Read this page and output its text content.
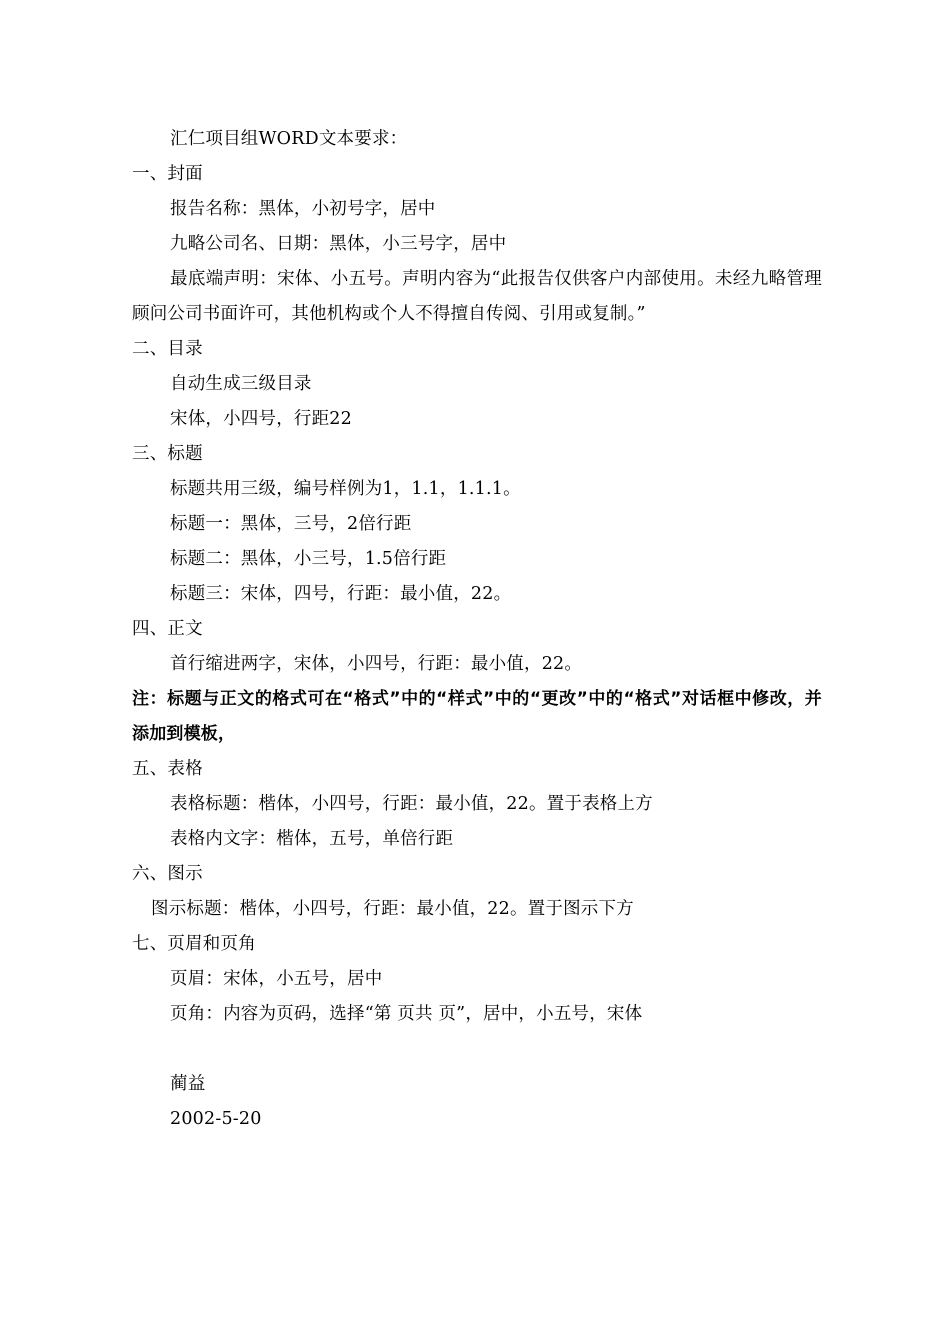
汇仁项目组WORD文本要求：
一、封面
报告名称：黑体，小初号字，居中
九略公司名、日期：黑体，小三号字，居中
最底端声明：宋体、小五号。声明内容为“此报告仅供客户内部使用。未经九略管理顾问公司书面许可，其他机构或个人不得擅自传阅、引用或复制。”
二、目录
自动生成三级目录
宋体，小四号，行距22
三、标题
标题共用三级，编号样例为1，1.1，1.1.1。
标题一：黑体，三号，2倍行距
标题二：黑体，小三号，1.5倍行距
标题三：宋体，四号，行距：最小值，22。
四、正文
首行缩进两字，宋体，小四号，行距：最小值，22。
注：标题与正文的格式可在“格式”中的“样式”中的“更改”中的“格式”对话框中修改，并添加到模板，
五、表格
表格标题：楷体，小四号，行距：最小值，22。置于表格上方
表格内文字：楷体，五号，单倍行距
六、图示
图示标题：楷体，小四号，行距：最小值，22。置于图示下方
七、页眉和页角
页眉：宋体，小五号，居中
页角：内容为页码，选择“第 页共 页”，居中，小五号，宋体
蔺益
2002-5-20
